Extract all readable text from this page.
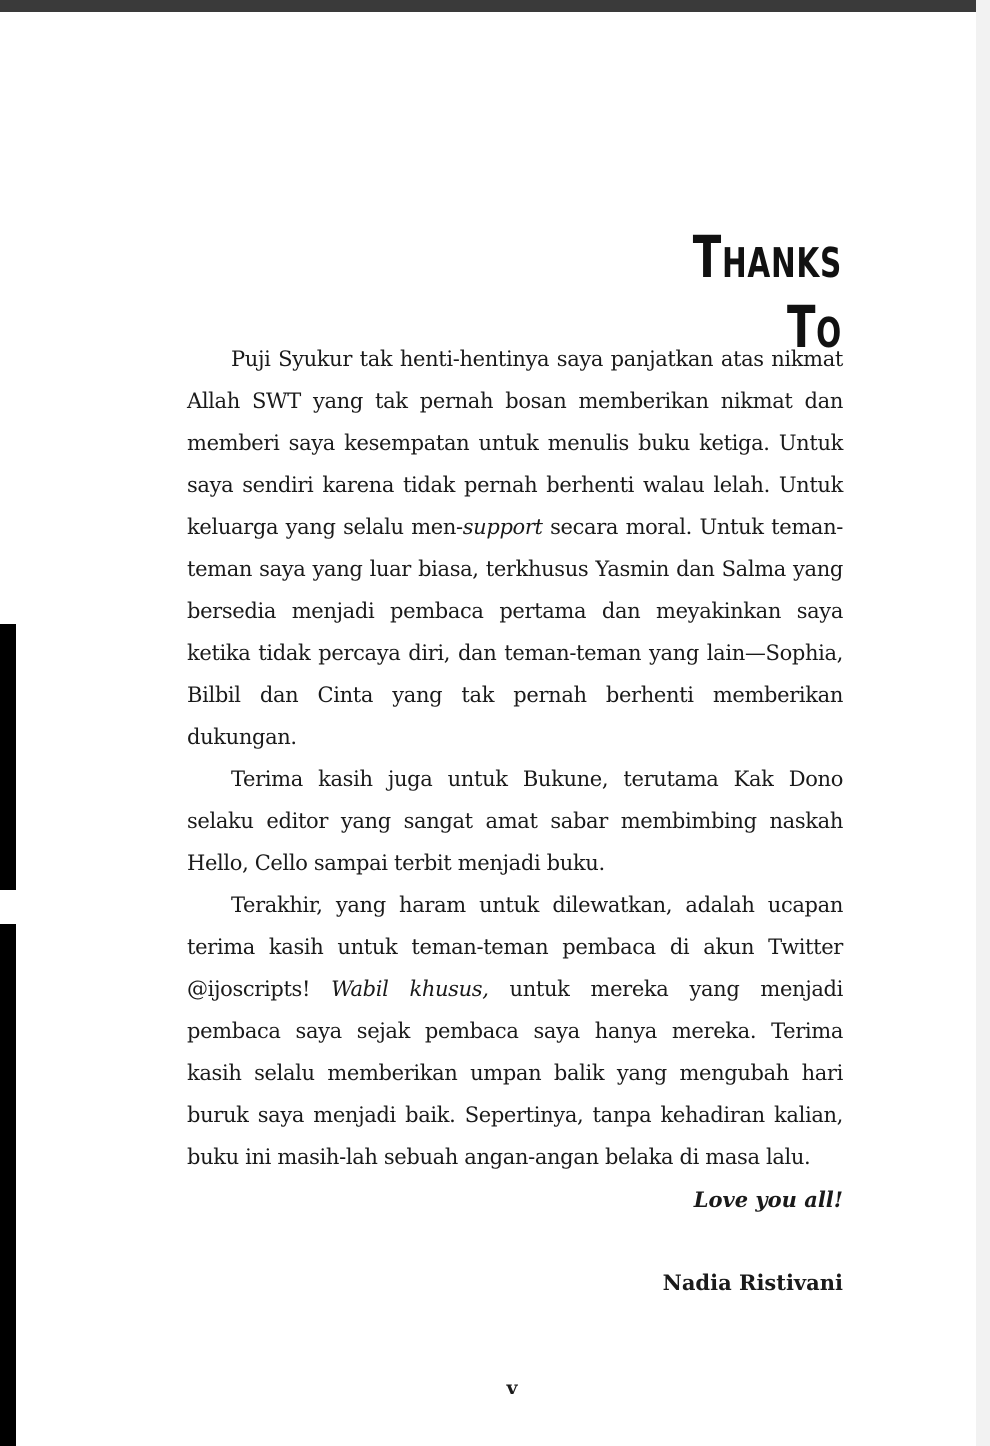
Thanks To

Puji Syukur tak henti-hentinya saya panjatkan atas nikmat Allah SWT yang tak pernah bosan memberikan nikmat dan memberi saya kesempatan untuk menulis buku ketiga. Untuk saya sendiri karena tidak pernah berhenti walau lelah. Untuk keluarga yang selalu men-support secara moral. Untuk teman-teman saya yang luar biasa, terkhusus Yasmin dan Salma yang bersedia menjadi pembaca pertama dan meyakinkan saya ketika tidak percaya diri, dan teman-teman yang lain—Sophia, Bilbil dan Cinta yang tak pernah berhenti memberikan dukungan.

Terima kasih juga untuk Bukune, terutama Kak Dono selaku editor yang sangat amat sabar membimbing naskah Hello, Cello sampai terbit menjadi buku.

Terakhir, yang haram untuk dilewatkan, adalah ucapan terima kasih untuk teman-teman pembaca di akun Twitter @ijoscripts! Wabil khusus, untuk mereka yang menjadi pembaca saya sejak pembaca saya hanya mereka. Terima kasih selalu memberikan umpan balik yang mengubah hari buruk saya menjadi baik. Sepertinya, tanpa kehadiran kalian, buku ini masih-lah sebuah angan-angan belaka di masa lalu.

Love you all!
Nadia Ristivani
v
